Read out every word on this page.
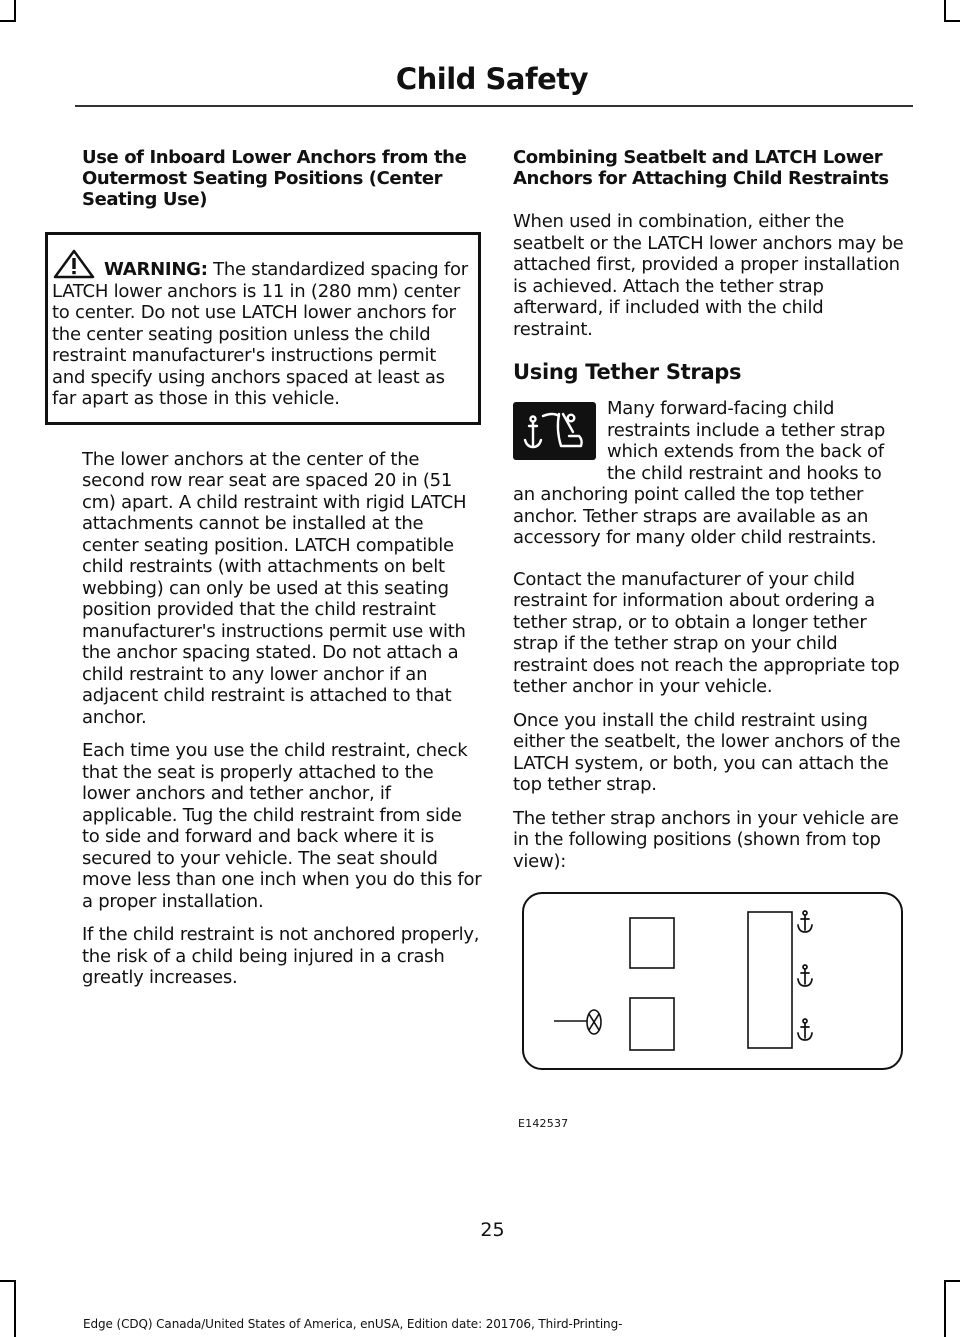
Child Safety
Use of Inboard Lower Anchors from the Outermost Seating Positions (Center Seating Use)

WARNING: The standardized spacing for LATCH lower anchors is 11 in (280 mm) center to center. Do not use LATCH lower anchors for the center seating position unless the child restraint manufacturer's instructions permit and specify using anchors spaced at least as far apart as those in this vehicle.

The lower anchors at the center of the second row rear seat are spaced 20 in (51 cm) apart. A child restraint with rigid LATCH attachments cannot be installed at the center seating position. LATCH compatible child restraints (with attachments on belt webbing) can only be used at this seating position provided that the child restraint manufacturer's instructions permit use with the anchor spacing stated. Do not attach a child restraint to any lower anchor if an adjacent child restraint is attached to that anchor.

Each time you use the child restraint, check that the seat is properly attached to the lower anchors and tether anchor, if applicable. Tug the child restraint from side to side and forward and back where it is secured to your vehicle. The seat should move less than one inch when you do this for a proper installation.

If the child restraint is not anchored properly, the risk of a child being injured in a crash greatly increases.

Combining Seatbelt and LATCH Lower Anchors for Attaching Child Restraints

When used in combination, either the seatbelt or the LATCH lower anchors may be attached first, provided a proper installation is achieved. Attach the tether strap afterward, if included with the child restraint.

Using Tether Straps

Many forward-facing child restraints include a tether strap which extends from the back of the child restraint and hooks to an anchoring point called the top tether anchor. Tether straps are available as an accessory for many older child restraints.

Contact the manufacturer of your child restraint for information about ordering a tether strap, or to obtain a longer tether strap if the tether strap on your child restraint does not reach the appropriate top tether anchor in your vehicle.

Once you install the child restraint using either the seatbelt, the lower anchors of the LATCH system, or both, you can attach the top tether strap.

The tether strap anchors in your vehicle are in the following positions (shown from top view):

E142537
25
Edge (CDQ) Canada/United States of America, enUSA, Edition date: 201706, Third-Printing-
